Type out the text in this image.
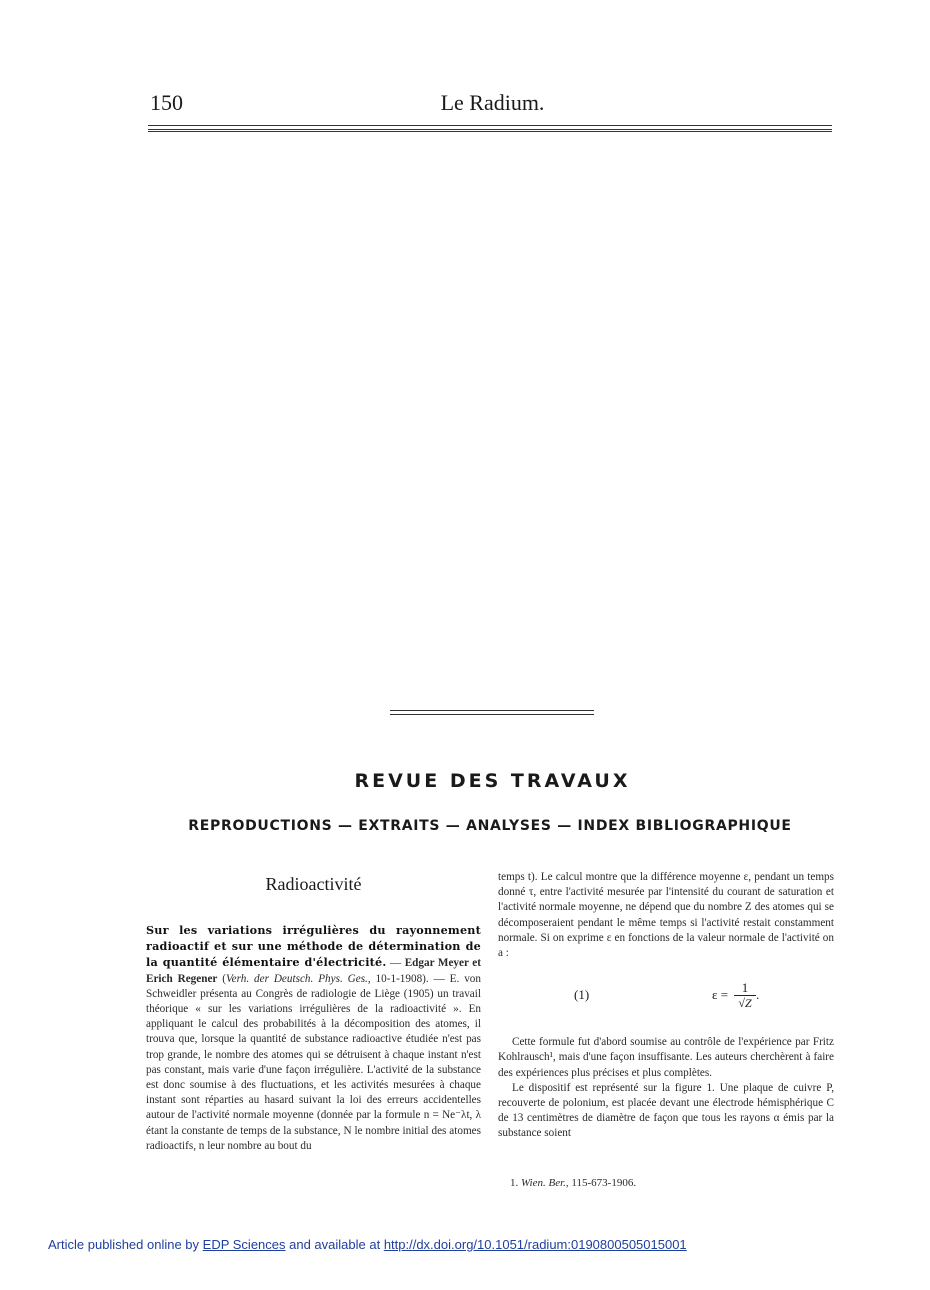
150	Le Radium.
REVUE DES TRAVAUX
REPRODUCTIONS — EXTRAITS — ANALYSES — INDEX BIBLIOGRAPHIQUE
Radioactivité

Sur les variations irrégulières du rayonnement radioactif et sur une méthode de détermination de la quantité élémentaire d'électricité. — Edgar Meyer et Erich Regener (Verh. der Deutsch. Phys. Ges., 10-1-1908). — E. von Schweidler présenta au Congrès de radiologie de Liège (1905) un travail théorique « sur les variations irrégulières de la radioactivité ». En appliquant le calcul des probabilités à la décomposition des atomes, il trouva que, lorsque la quantité de substance radioactive étudiée n'est pas trop grande, le nombre des atomes qui se détruisent à chaque instant n'est pas constant, mais varie d'une façon irrégulière. L'activité de la substance est donc soumise à des fluctuations, et les activités mesurées à chaque instant sont réparties au hasard suivant la loi des erreurs accidentelles autour de l'activité normale moyenne (donnée par la formule n = Ne⁻λt, λ étant la constante de temps de la substance, N le nombre initial des atomes radioactifs, n leur nombre au bout du

temps t). Le calcul montre que la différence moyenne ε, pendant un temps donné τ, entre l'activité mesurée par l'intensité du courant de saturation et l'activité normale moyenne, ne dépend que du nombre Z des atomes qui se décomposeraient pendant le même temps si l'activité restait constamment normale. Si on exprime ε en fonctions de la valeur normale de l'activité on a :

(1)	$\varepsilon = \frac{1}{√Z}$ .

Cette formule fut d'abord soumise au contrôle de l'expérience par Fritz Kohlrausch¹, mais d'une façon insuffisante. Les auteurs cherchèrent à faire des expériences plus précises et plus complètes.

Le dispositif est représenté sur la figure 1. Une plaque de cuivre P, recouverte de polonium, est placée devant une électrode hémisphérique C de 13 centimètres de diamètre de façon que tous les rayons α émis par la substance soient

1. Wien. Ber., 115-673-1906.
Article published online by EDP Sciences and available at http://dx.doi.org/10.1051/radium:0190800505015001
